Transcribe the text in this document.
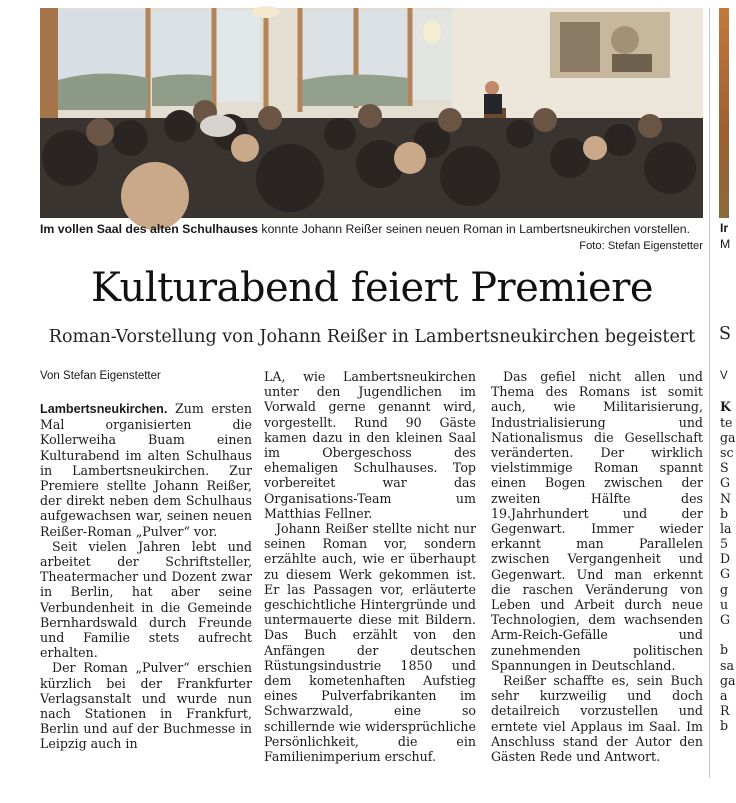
Im vollen Saal des alten Schulhauses konnte Johann Reißer seinen neuen Roman in Lambertsneukirchen vorstellen.
Foto: Stefan Eigenstetter
Ir
M
Kulturabend feiert Premiere
Roman-Vorstellung von Johann Reißer in Lambertsneukirchen begeistert	S
Von Stefan Eigenstetter

Lambertsneukirchen. Zum ersten Mal organisierten die Kollerweiha Buam einen Kulturabend im alten Schulhaus in Lambertsneukirchen. Zur Premiere stellte Johann Reißer, der direkt neben dem Schulhaus aufgewachsen war, seinen neuen Reißer-Roman „Pulver“ vor.

Seit vielen Jahren lebt und arbeitet der Schriftsteller, Theatermacher und Dozent zwar in Berlin, hat aber seine Verbundenheit in die Gemeinde Bernhardswald durch Freunde und Familie stets aufrecht erhalten.

Der Roman „Pulver“ erschien kürzlich bei der Frankfurter Verlagsanstalt und wurde nun nach Stationen in Frankfurt, Berlin und auf der Buchmesse in Leipzig auch in

LA, wie Lambertsneukirchen unter den Jugendlichen im Vorwald gerne genannt wird, vorgestellt. Rund 90 Gäste kamen dazu in den kleinen Saal im Obergeschoss des ehemaligen Schulhauses. Top vorbereitet war das Organisations-Team um Matthias Fellner.

Johann Reißer stellte nicht nur seinen Roman vor, sondern erzählte auch, wie er überhaupt zu diesem Werk gekommen ist. Er las Passagen vor, erläuterte geschichtliche Hintergründe und untermauerte diese mit Bildern. Das Buch erzählt von den Anfängen der deutschen Rüstungsindustrie 1850 und dem kometenhaften Aufstieg eines Pulverfabrikanten im Schwarzwald, eine so schillernde wie widersprüchliche Persönlichkeit, die ein Familienimperium erschuf.

Das gefiel nicht allen und Thema des Romans ist somit auch, wie Militarisierung, Industrialisierung und Nationalismus die Gesellschaft veränderten. Der wirklich vielstimmige Roman spannt einen Bogen zwischen der zweiten Hälfte des 19.Jahrhundert und der Gegenwart. Immer wieder erkannt man Parallelen zwischen Vergangenheit und Gegenwart. Und man erkennt die raschen Veränderung von Leben und Arbeit durch neue Technologien, dem wachsenden Arm-Reich-Gefälle und zunehmenden politischen Spannungen in Deutschland.

Reißer schaffte es, sein Buch sehr kurzweilig und doch detailreich vorzustellen und erntete viel Applaus im Saal. Im Anschluss stand der Autor den Gästen Rede und Antwort.

V
K
te
ga
sc
S
G
N
b
la
5
D
G
g
u
G
b
sa
ga
a
R
b
